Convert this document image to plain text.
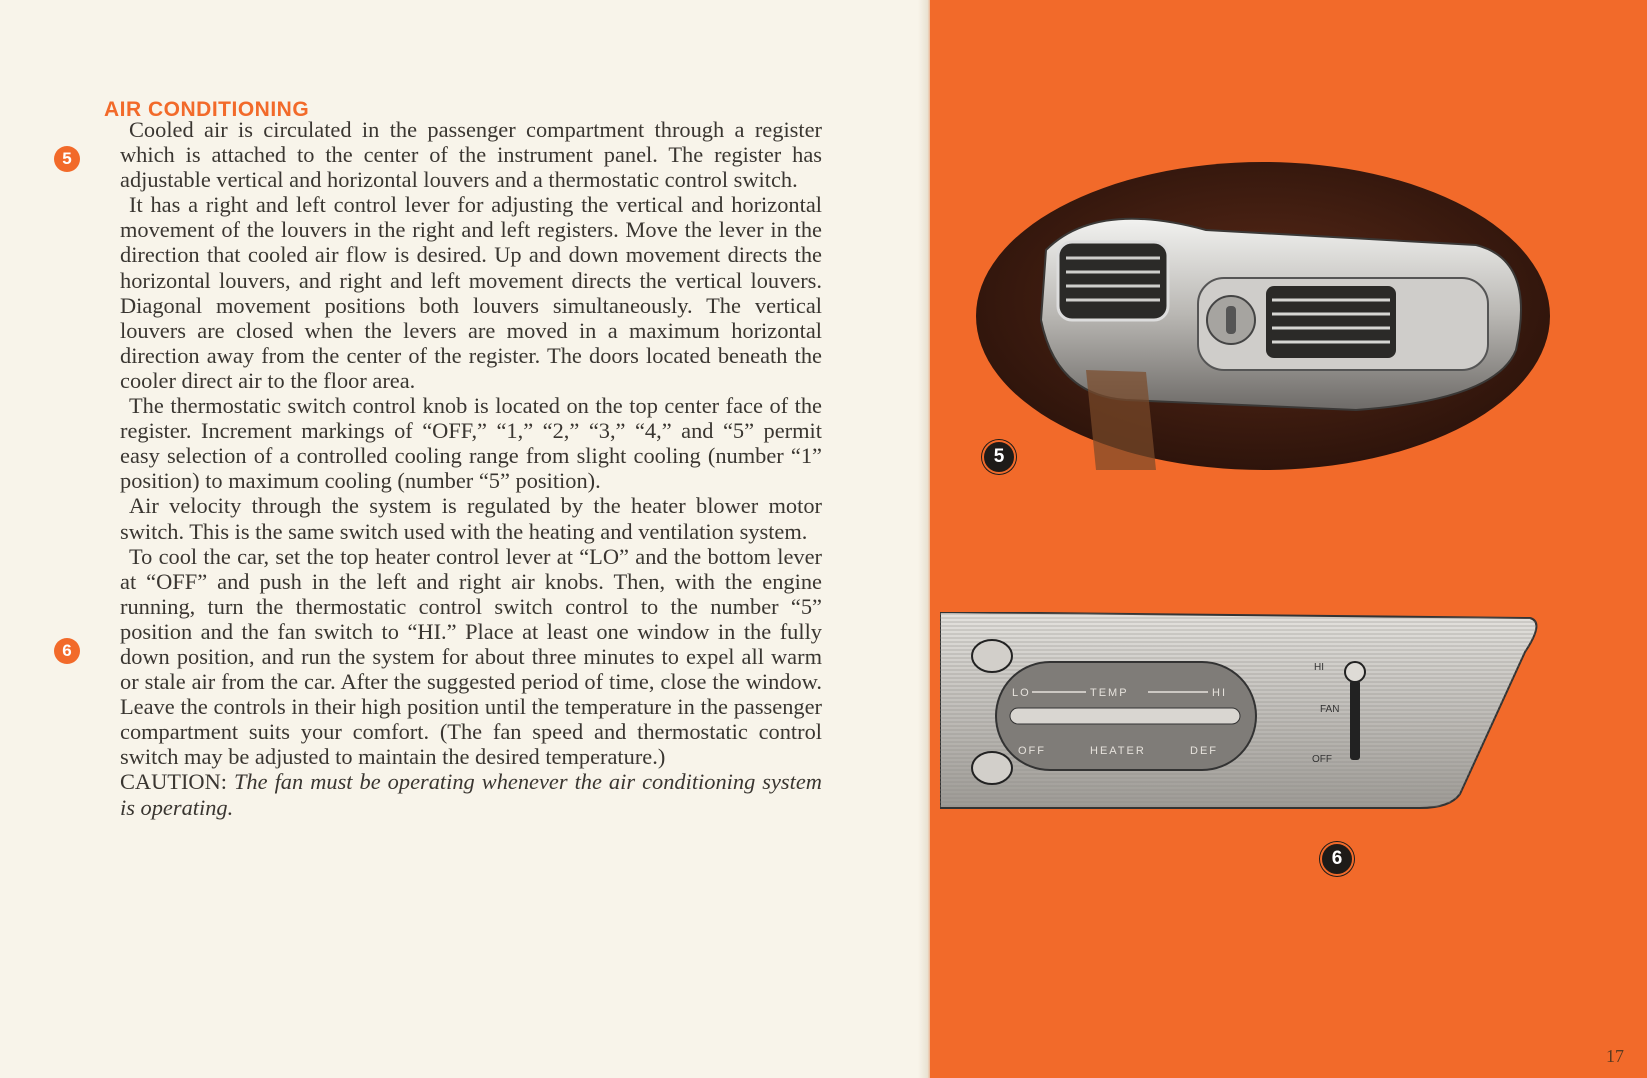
AIR CONDITIONING
5
6

Cooled air is circulated in the passenger compartment through a register which is attached to the center of the instrument panel. The register has adjustable vertical and horizontal louvers and a thermostatic control switch.

It has a right and left control lever for adjusting the vertical and horizontal movement of the louvers in the right and left registers. Move the lever in the direction that cooled air flow is desired. Up and down movement directs the horizontal louvers, and right and left movement directs the vertical louvers. Diagonal movement positions both louvers simultaneously. The vertical louvers are closed when the levers are moved in a maximum horizontal direction away from the center of the register. The doors located beneath the cooler direct air to the floor area.

The thermostatic switch control knob is located on the top center face of the register. Increment markings of “OFF,” “1,” “2,” “3,” “4,” and “5” permit easy selection of a controlled cooling range from slight cooling (number “1” position) to maximum cooling (number “5” position).

Air velocity through the system is regulated by the heater blower motor switch. This is the same switch used with the heating and ventilation system.

To cool the car, set the top heater control lever at “LO” and the bottom lever at “OFF” and push in the left and right air knobs. Then, with the engine running, turn the thermostatic control switch control to the number “5” position and the fan switch to “HI.” Place at least one window in the fully down position, and run the system for about three minutes to expel all warm or stale air from the car. After the suggested period of time, close the window. Leave the controls in their high position until the temperature in the passenger compartment suits your comfort. (The fan speed and thermostatic control switch may be adjusted to maintain the desired temperature.)

CAUTION: The fan must be operating whenever the air conditioning system is operating.

5
LO	TEMP	HI
OFF	HEATER	DEF
HI
FAN
OFF
6
17
